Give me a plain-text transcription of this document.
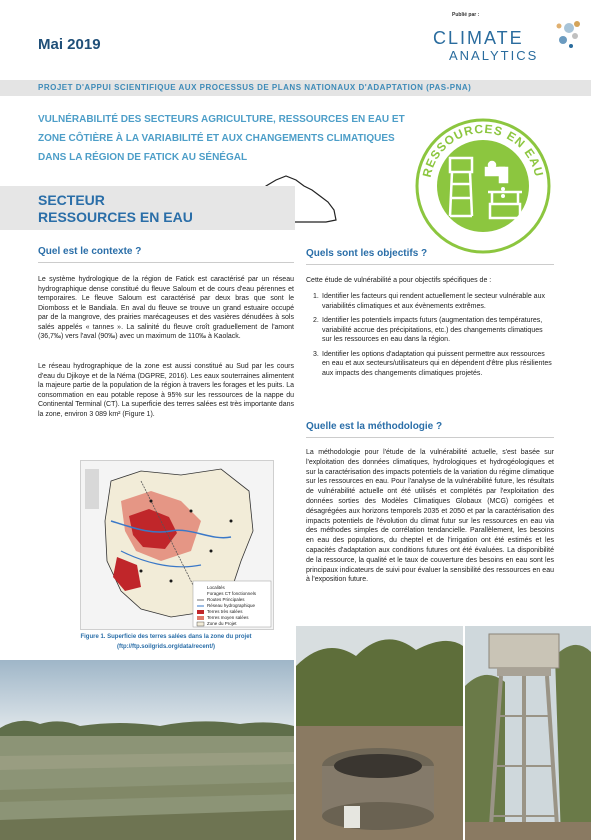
Mai 2019
Publié par :
CLIMATE
ANALYTICS
PROJET D'APPUI SCIENTIFIQUE AUX PROCESSUS DE PLANS NATIONAUX D'ADAPTATION (PAS-PNA)
VULNÉRABILITÉ DES SECTEURS AGRICULTURE, RESSOURCES EN EAU ET
ZONE CÔTIÈRE À LA VARIABILITÉ ET AUX CHANGEMENTS CLIMATIQUES
DANS LA RÉGION DE FATICK AU SÉNÉGAL
RESSOURCES EN EAU
SECTEUR
RESSOURCES EN EAU
Quel est le contexte ?
Le système hydrologique de la région de Fatick est caractérisé par un réseau hydrographique dense constitué du fleuve Saloum et de cours d'eau pérennes et temporaires. Le fleuve Saloum est caractérisé par deux bras que sont le Diomboss et le Bandiala. En aval du fleuve se trouve un grand estuaire occupé par de la mangrove, des prairies marécageuses et des vasières dénudées à sols salés appelés « tannes ». La salinité du fleuve croît graduellement de l'amont (36,7‰) vers l'aval (90‰) avec un maximum de 110‰ à Kaolack.
Le réseau hydrographique de la zone est aussi constitué au Sud par les cours d'eau du Djikoye et de la Néma (DGPRE, 2016). Les eaux souterraines alimentent la majeure partie de la population de la région à travers les forages et les puits. La consommation en eau potable repose à 95% sur les ressources de la nappe du Continental Terminal (CT). La superficie des terres salées est très importante dans la zone, environ 3 089 km² (Figure 1).
Quels sont les objectifs ?
Cette étude de vulnérabilité a pour objectifs spécifiques de :
1. Identifier les facteurs qui rendent actuellement le secteur vulnérable aux variabilités climatiques et aux évènements extrêmes.
2. Identifier les potentiels impacts futurs (augmentation des températures, variabilité accrue des précipitations, etc.) des changements climatiques sur les ressources en eau dans la région.
3. Identifier les options d'adaptation qui puissent permettre aux ressources en eau et aux secteurs/utilisateurs qui en dépendent d'être plus résilientes aux impacts des changements climatiques projetés.
Quelle est la méthodologie ?
La méthodologie pour l'étude de la vulnérabilité actuelle, s'est basée sur l'exploitation des données climatiques, hydrologiques et hydrogéologiques et sur la caractérisation des impacts potentiels de la variation du régime climatique sur les ressources en eau. Pour l'analyse de la vulnérabilité future, les résultats de vulnérabilité actuelle ont été utilisés et complétés par l'exploitation des données sorties des Modèles Climatiques Globaux (MCG) corrigées et désagrégées aux horizons temporels 2035 et 2050 et par la caractérisation des impacts potentiels de l'évolution du climat futur sur les ressources en eau via des méthodes simples de corrélation tendancielle. Parallèlement, les besoins en eau des populations, du cheptel et de l'irrigation ont été estimés et les capacités d'adaptation aux conditions futures ont été évaluées. La disponibilité de la ressource, la qualité et le taux de couverture des besoins en eau sont les principaux indicateurs de suivi pour évaluer la sensibilité des ressources en eau à l'exposition future.
Localités
Forages CT fonctionnels
Routes Principales
Réseau hydrographique
Terres très salées
Terres moyen salées
Zone du Projet
Figure 1. Superficie des terres salées dans la zone du projet
(ftp://ftp.soilgrids.org/data/recent/)
